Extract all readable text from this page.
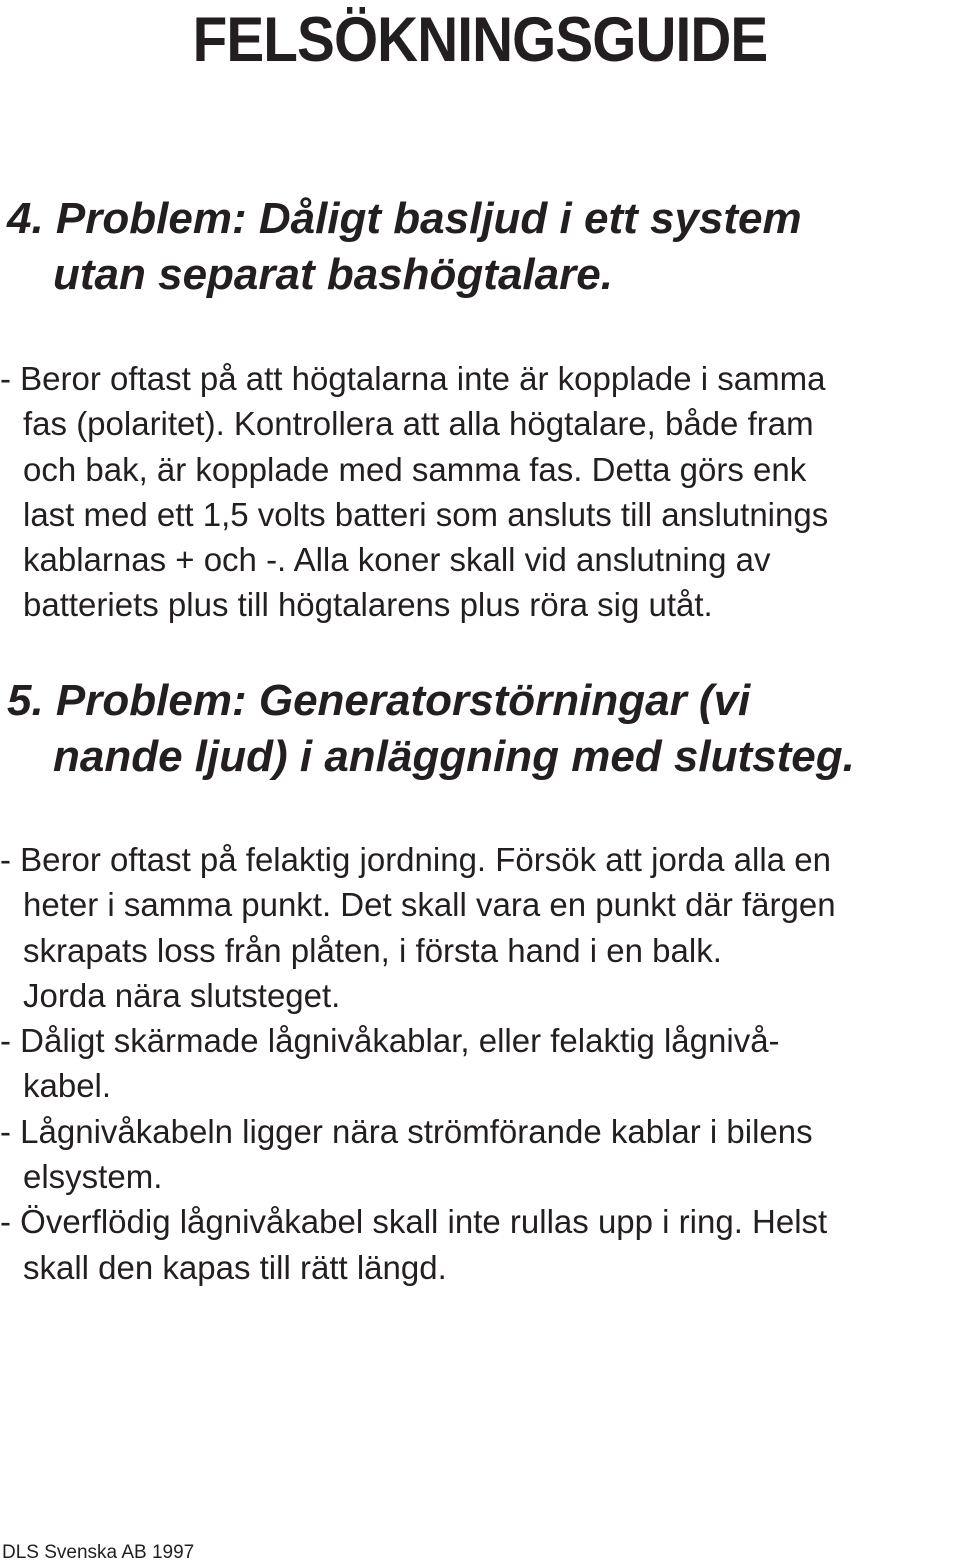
FELSÖKNINGSGUIDE
4. Problem: Dåligt basljud i ett system
utan separat bashögtalare.
- Beror oftast på att högtalarna inte är kopplade i samma
fas (polaritet). Kontrollera att alla högtalare, både fram
och bak, är kopplade med samma fas. Detta görs enk
last med ett 1,5 volts batteri som ansluts till anslutnings
kablarnas + och -. Alla koner skall vid anslutning av
batteriets plus till högtalarens plus röra sig utåt.
5. Problem: Generatorstörningar (vi
nande ljud) i anläggning med slutsteg.
- Beror oftast på felaktig jordning. Försök att jorda alla en
heter i samma punkt. Det skall vara en punkt där färgen
skrapats loss från plåten, i första hand i en balk.
Jorda nära slutsteget.
- Dåligt skärmade lågnivåkablar, eller felaktig lågnivå-
kabel.
- Lågnivåkabeln ligger nära strömförande kablar i bilens
elsystem.
- Överflödig lågnivåkabel skall inte rullas upp i ring. Helst
skall den kapas till rätt längd.
DLS Svenska AB 1997
